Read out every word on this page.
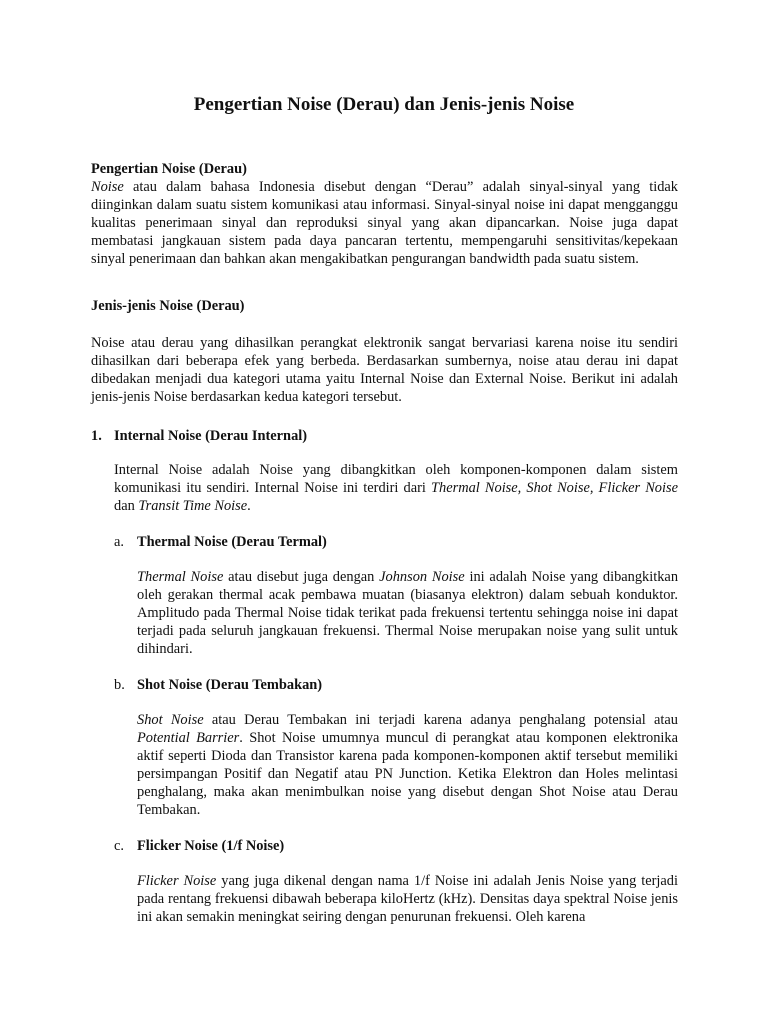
Pengertian Noise (Derau) dan Jenis-jenis Noise
Pengertian Noise (Derau)
Noise atau dalam bahasa Indonesia disebut dengan “Derau” adalah sinyal-sinyal yang tidak diinginkan dalam suatu sistem komunikasi atau informasi. Sinyal-sinyal noise ini dapat mengganggu kualitas penerimaan sinyal dan reproduksi sinyal yang akan dipancarkan. Noise juga dapat membatasi jangkauan sistem pada daya pancaran tertentu, mempengaruhi sensitivitas/kepekaan sinyal penerimaan dan bahkan akan mengakibatkan pengurangan bandwidth pada suatu sistem.
Jenis-jenis Noise (Derau)
Noise atau derau yang dihasilkan perangkat elektronik sangat bervariasi karena noise itu sendiri dihasilkan dari beberapa efek yang berbeda. Berdasarkan sumbernya, noise atau derau ini dapat dibedakan menjadi dua kategori utama yaitu Internal Noise dan External Noise. Berikut ini adalah jenis-jenis Noise berdasarkan kedua kategori tersebut.
1. Internal Noise (Derau Internal)
Internal Noise adalah Noise yang dibangkitkan oleh komponen-komponen dalam sistem komunikasi itu sendiri. Internal Noise ini terdiri dari Thermal Noise, Shot Noise, Flicker Noise dan Transit Time Noise.
a. Thermal Noise (Derau Termal)
Thermal Noise atau disebut juga dengan Johnson Noise ini adalah Noise yang dibangkitkan oleh gerakan thermal acak pembawa muatan (biasanya elektron) dalam sebuah konduktor. Amplitudo pada Thermal Noise tidak terikat pada frekuensi tertentu sehingga noise ini dapat terjadi pada seluruh jangkauan frekuensi. Thermal Noise merupakan noise yang sulit untuk dihindari.
b. Shot Noise (Derau Tembakan)
Shot Noise atau Derau Tembakan ini terjadi karena adanya penghalang potensial atau Potential Barrier. Shot Noise umumnya muncul di perangkat atau komponen elektronika aktif seperti Dioda dan Transistor karena pada komponen-komponen aktif tersebut memiliki persimpangan Positif dan Negatif atau PN Junction. Ketika Elektron dan Holes melintasi penghalang, maka akan menimbulkan noise yang disebut dengan Shot Noise atau Derau Tembakan.
c. Flicker Noise (1/f Noise)
Flicker Noise yang juga dikenal dengan nama 1/f Noise ini adalah Jenis Noise yang terjadi pada rentang frekuensi dibawah beberapa kiloHertz (kHz). Densitas daya spektral Noise jenis ini akan semakin meningkat seiring dengan penurunan frekuensi. Oleh karena
